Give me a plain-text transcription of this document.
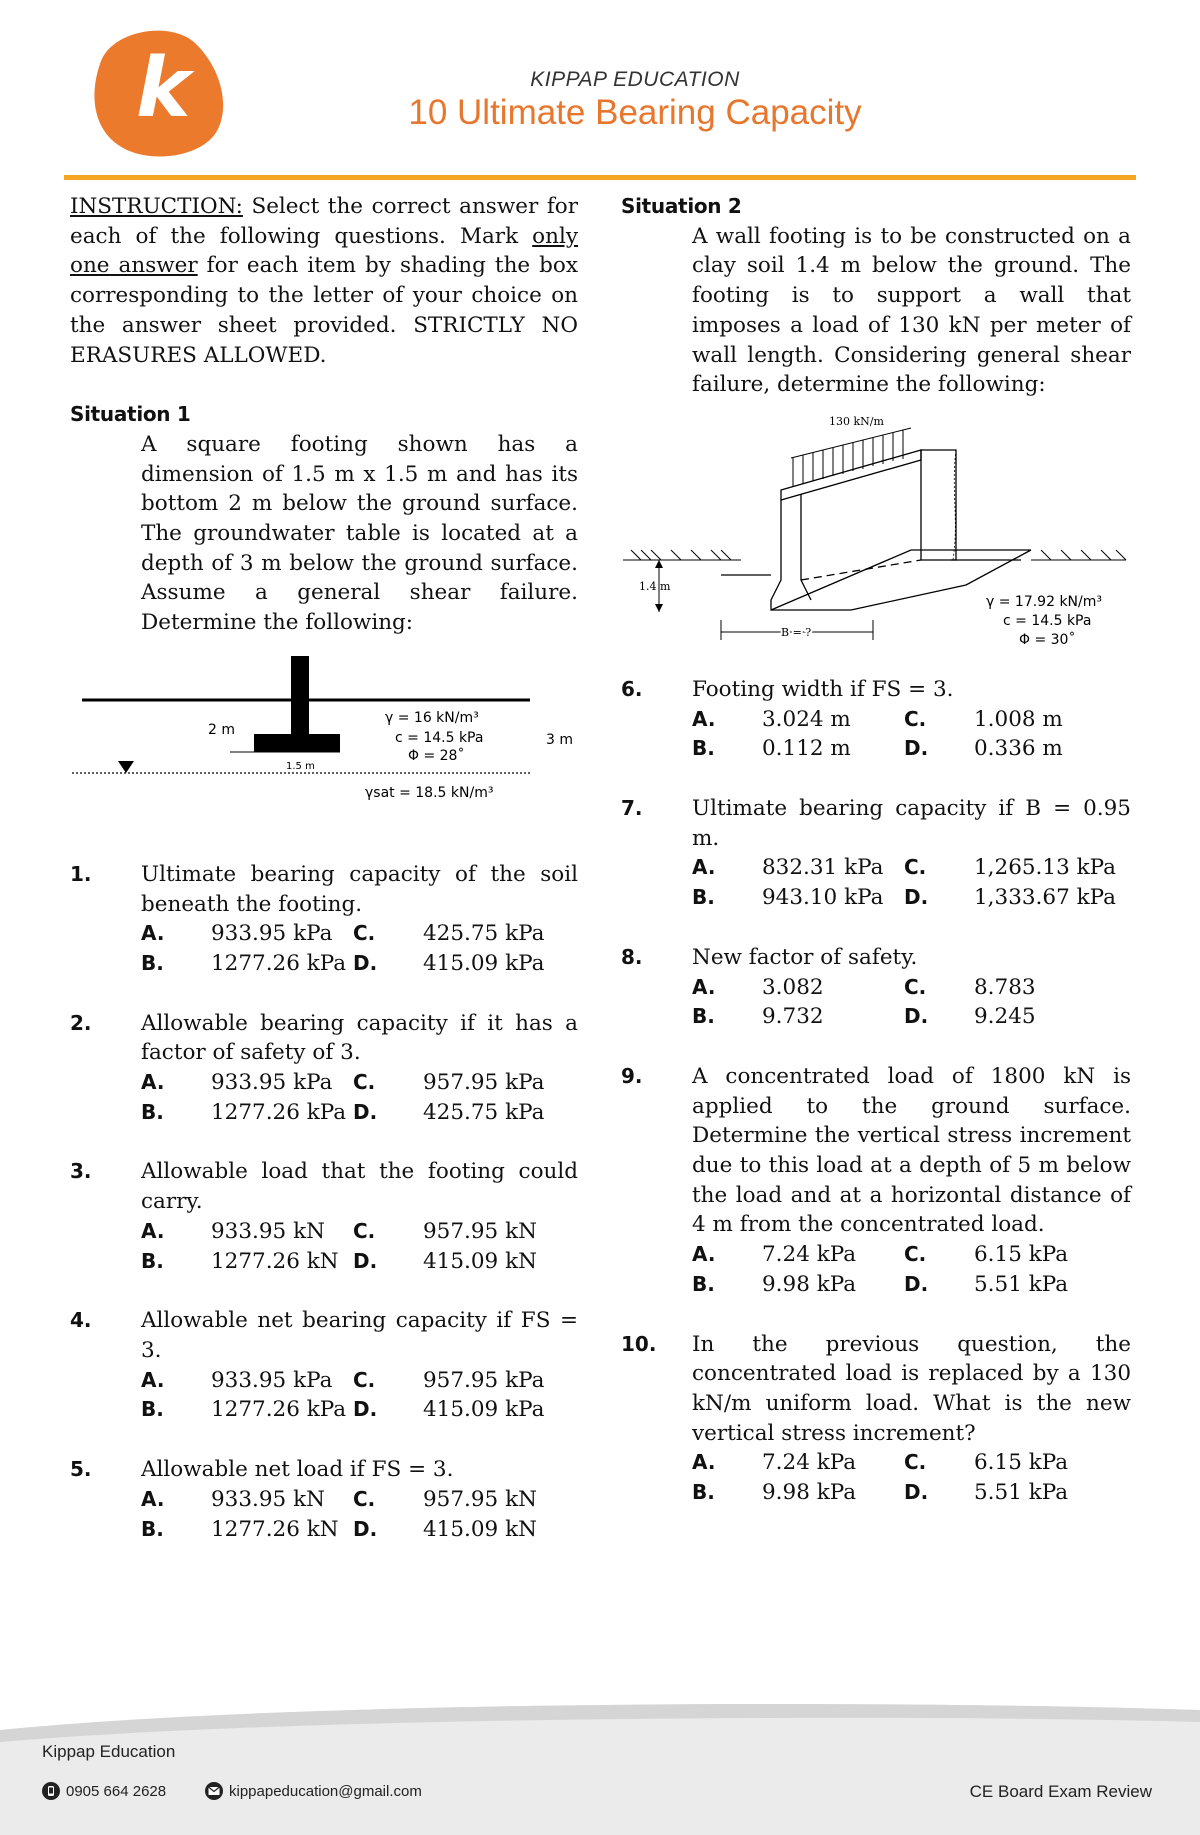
k	KIPPAP EDUCATION
10 Ultimate Bearing Capacity
INSTRUCTION: Select the correct answer for each of the following questions. Mark only one answer for each item by shading the box corresponding to the letter of your choice on the answer sheet provided. STRICTLY NO ERASURES ALLOWED.
Situation 1
A square footing shown has a dimension of 1.5 m x 1.5 m and has its bottom 2 m below the ground surface. The groundwater table is located at a depth of 3 m below the ground surface. Assume a general shear failure. Determine the following:
2 m
1.5 m
γ = 16 kN/m³
c = 14.5 kPa
Φ = 28˚
3 m
γsat = 18.5 kN/m³
1. Ultimate bearing capacity of the soil beneath the footing.
A.	933.95 kPa	C.	425.75 kPa
B.	1277.26 kPa D.	415.09 kPa
2. Allowable bearing capacity if it has a factor of safety of 3.
A.	933.95 kPa	C.	957.95 kPa
B.	1277.26 kPa D.	425.75 kPa
3. Allowable load that the footing could carry.
A.	933.95 kN	C.	957.95 kN
B.	1277.26 kN D.	415.09 kN
4. Allowable net bearing capacity if FS = 3.
A.	933.95 kPa	C.	957.95 kPa
B.	1277.26 kPa D.	415.09 kPa
5. Allowable net load if FS = 3.
A.	933.95 kN	C.	957.95 kN
B.	1277.26 kN D.	415.09 kN
Situation 2
A wall footing is to be constructed on a clay soil 1.4 m below the ground. The footing is to support a wall that imposes a load of 130 kN per meter of wall length. Considering general shear failure, determine the following:
130 kN/m
1.4 m
B = ?
γ = 17.92 kN/m³
c = 14.5 kPa
Φ = 30˚
6. Footing width if FS = 3.
A.	3.024 m	C.	1.008 m
B.	0.112 m	D.	0.336 m
7. Ultimate bearing capacity if B = 0.95 m.
A.	832.31 kPa	C.	1,265.13 kPa
B.	943.10 kPa	D.	1,333.67 kPa
8. New factor of safety.
A.	3.082	C.	8.783
B.	9.732	D.	9.245
9. A concentrated load of 1800 kN is applied to the ground surface. Determine the vertical stress increment due to this load at a depth of 5 m below the load and at a horizontal distance of 4 m from the concentrated load.
A.	7.24 kPa	C.	6.15 kPa
B.	9.98 kPa	D.	5.51 kPa
10. In the previous question, the concentrated load is replaced by a 130 kN/m uniform load. What is the new vertical stress increment?
A.	7.24 kPa	C.	6.15 kPa
B.	9.98 kPa	D.	5.51 kPa
Kippap Education
0905 664 2628	kippapeducation@gmail.com	CE Board Exam Review
